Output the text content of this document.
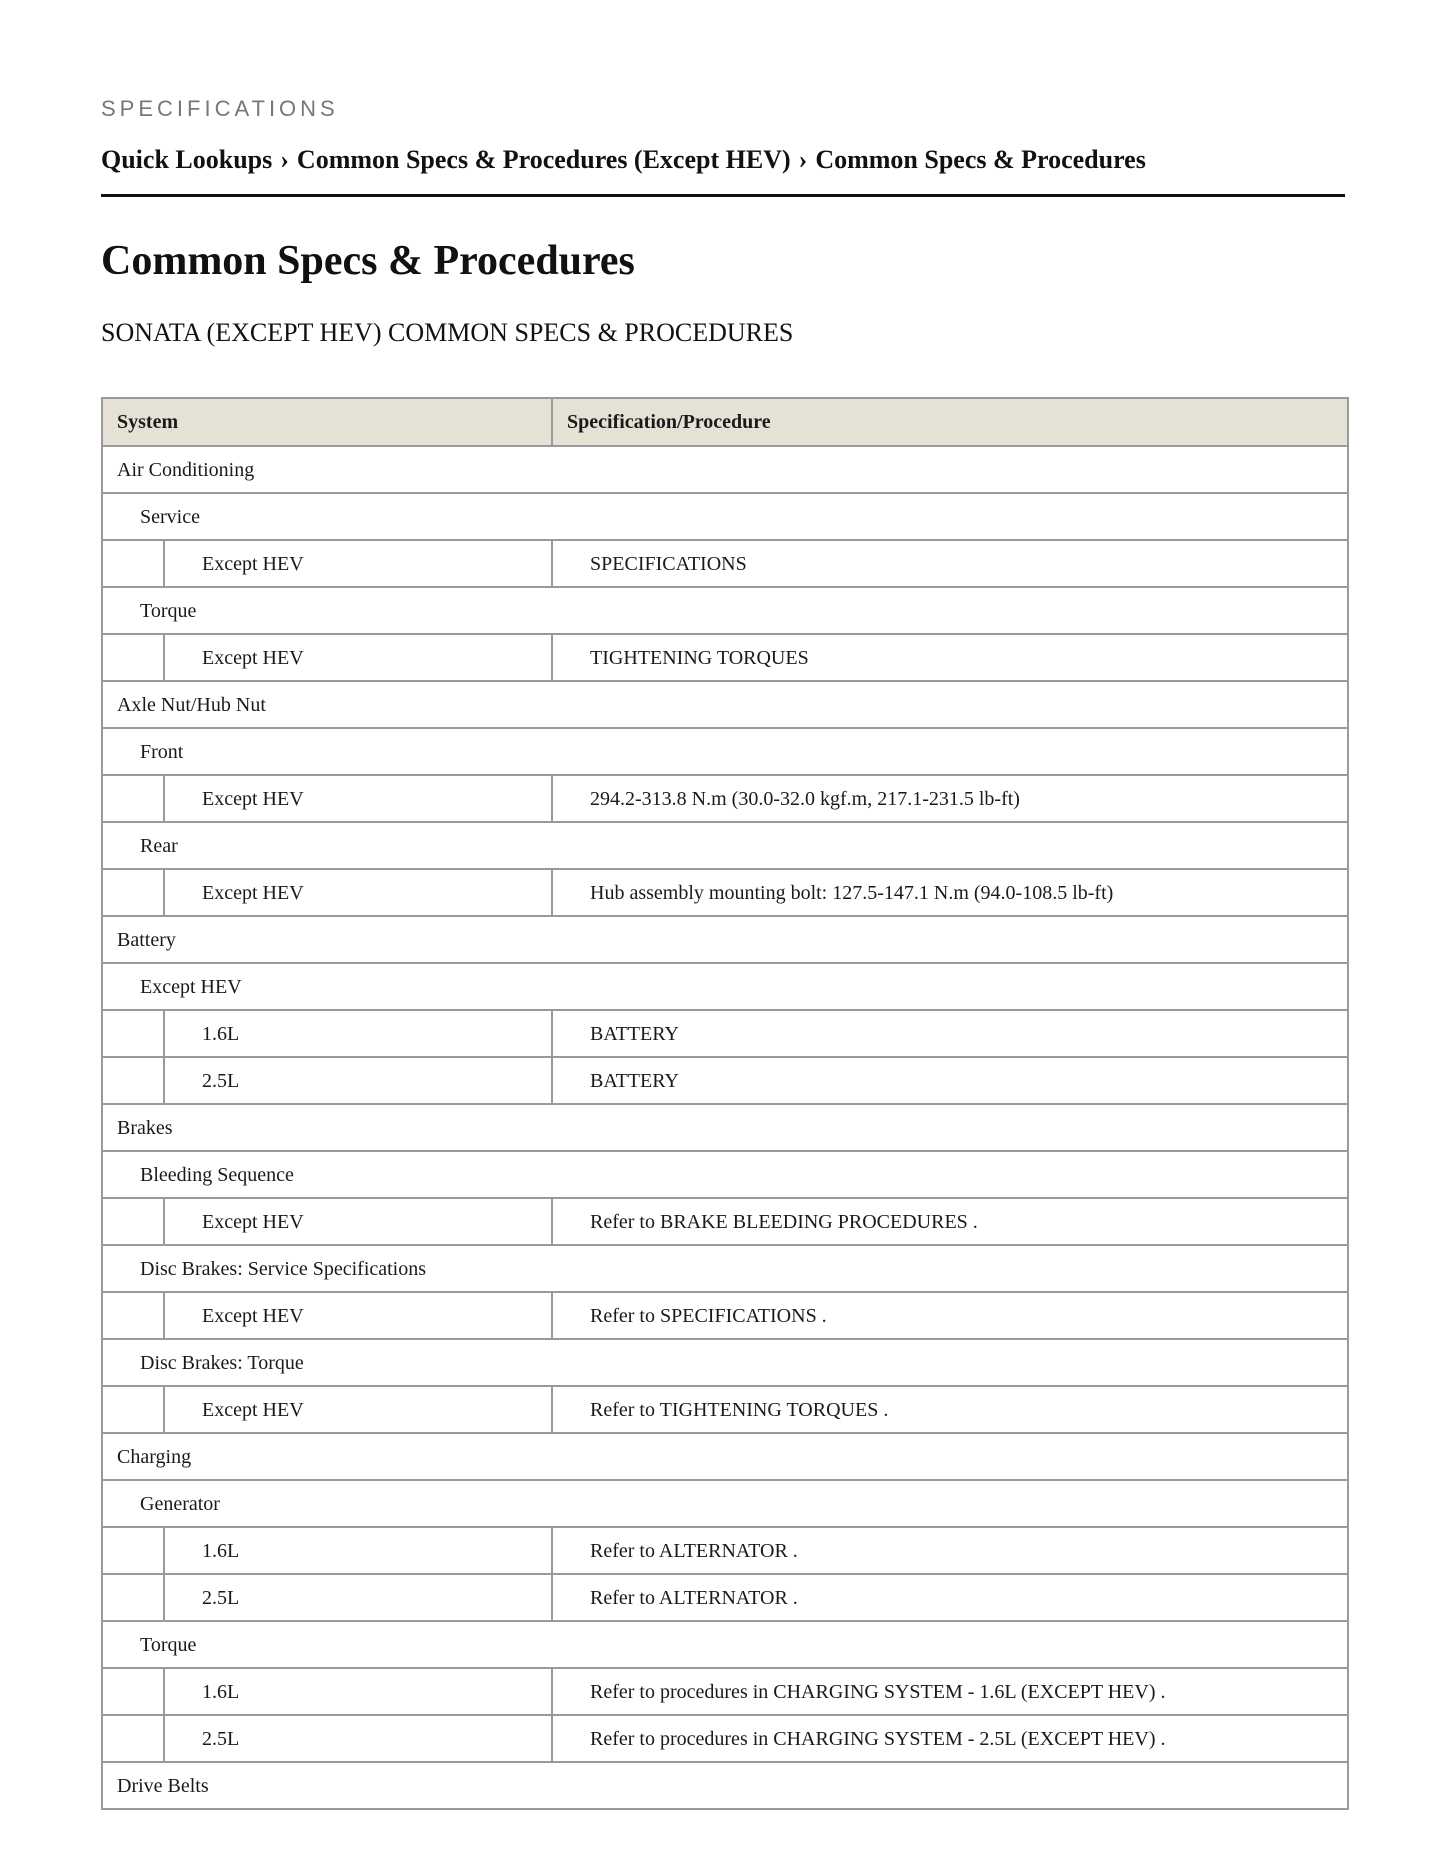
SPECIFICATIONS

Quick Lookups › Common Specs & Procedures (Except HEV) › Common Specs & Procedures
Common Specs & Procedures

SONATA (EXCEPT HEV) COMMON SPECS & PROCEDURES

System		Specification/Procedure
Air Conditioning		
Service		
	Except HEV	SPECIFICATIONS
Torque		
	Except HEV	TIGHTENING TORQUES
Axle Nut/Hub Nut		
Front		
	Except HEV	294.2-313.8 N.m (30.0-32.0 kgf.m, 217.1-231.5 lb-ft)
Rear		
	Except HEV	Hub assembly mounting bolt: 127.5-147.1 N.m (94.0-108.5 lb-ft)
Battery		
Except HEV		
	1.6L	BATTERY
	2.5L	BATTERY
Brakes		
Bleeding Sequence		
	Except HEV	Refer to BRAKE BLEEDING PROCEDURES .
Disc Brakes: Service Specifications		
	Except HEV	Refer to SPECIFICATIONS .
Disc Brakes: Torque		
	Except HEV	Refer to TIGHTENING TORQUES .
Charging		
Generator		
	1.6L	Refer to ALTERNATOR .
	2.5L	Refer to ALTERNATOR .
Torque		
	1.6L	Refer to procedures in CHARGING SYSTEM - 1.6L (EXCEPT HEV) .
	2.5L	Refer to procedures in CHARGING SYSTEM - 2.5L (EXCEPT HEV) .
Drive Belts		
